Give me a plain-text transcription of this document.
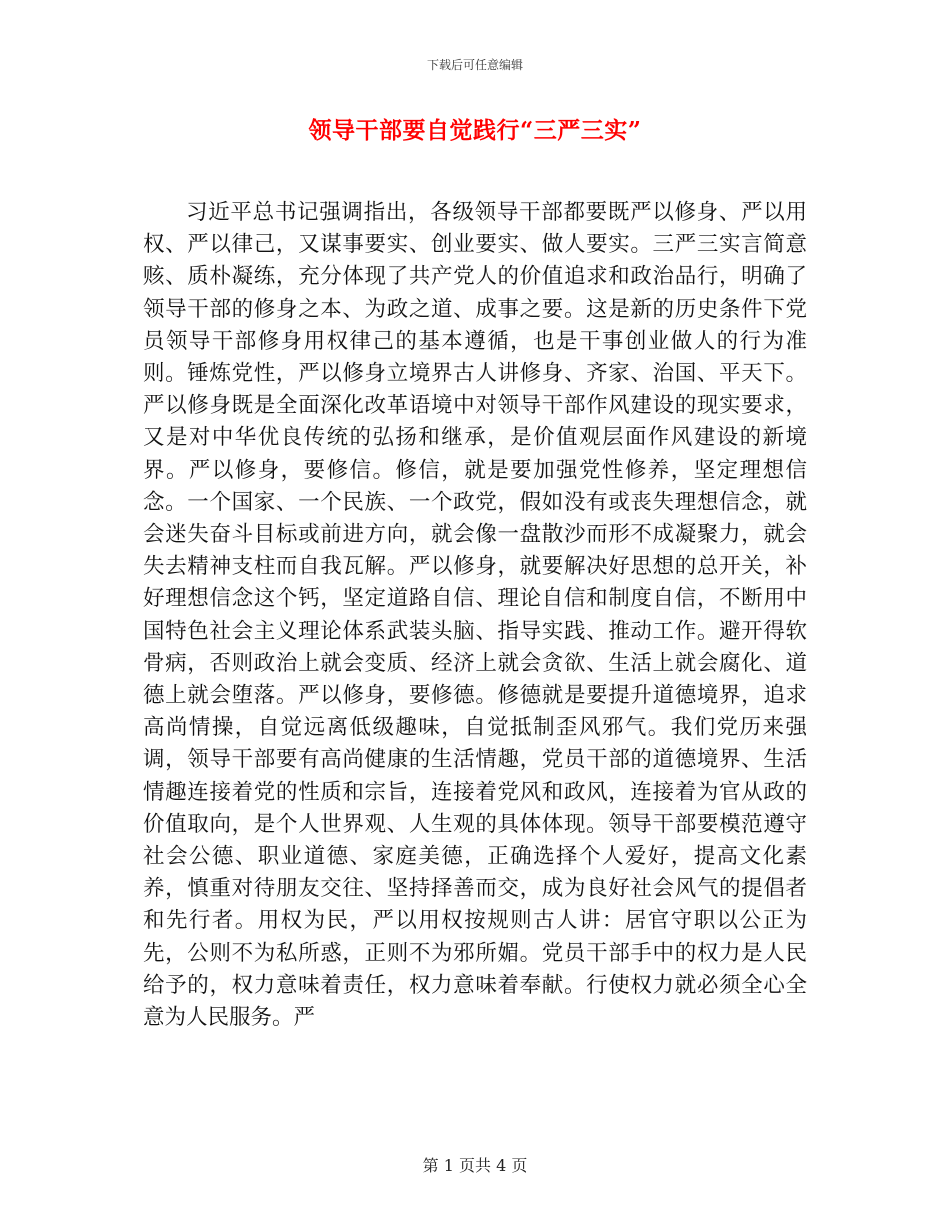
下载后可任意编辑
领导干部要自觉践行“三严三实”

习近平总书记强调指出，各级领导干部都要既严以修身、严以用权、严以律己，又谋事要实、创业要实、做人要实。三严三实言简意赅、质朴凝练，充分体现了共产党人的价值追求和政治品行，明确了领导干部的修身之本、为政之道、成事之要。这是新的历史条件下党员领导干部修身用权律己的基本遵循，也是干事创业做人的行为准则。锤炼党性，严以修身立境界古人讲修身、齐家、治国、平天下。严以修身既是全面深化改革语境中对领导干部作风建设的现实要求，又是对中华优良传统的弘扬和继承，是价值观层面作风建设的新境界。严以修身，要修信。修信，就是要加强党性修养，坚定理想信念。一个国家、一个民族、一个政党，假如没有或丧失理想信念，就会迷失奋斗目标或前进方向，就会像一盘散沙而形不成凝聚力，就会失去精神支柱而自我瓦解。严以修身，就要解决好思想的总开关，补好理想信念这个钙，坚定道路自信、理论自信和制度自信，不断用中国特色社会主义理论体系武装头脑、指导实践、推动工作。避开得软骨病，否则政治上就会变质、经济上就会贪欲、生活上就会腐化、道德上就会堕落。严以修身，要修德。修德就是要提升道德境界，追求高尚情操，自觉远离低级趣味，自觉抵制歪风邪气。我们党历来强调，领导干部要有高尚健康的生活情趣，党员干部的道德境界、生活情趣连接着党的性质和宗旨，连接着党风和政风，连接着为官从政的价值取向，是个人世界观、人生观的具体体现。领导干部要模范遵守社会公德、职业道德、家庭美德，正确选择个人爱好，提高文化素养，慎重对待朋友交往、坚持择善而交，成为良好社会风气的提倡者和先行者。用权为民，严以用权按规则古人讲：居官守职以公正为先，公则不为私所惑，正则不为邪所媚。党员干部手中的权力是人民给予的，权力意味着责任，权力意味着奉献。行使权力就必须全心全意为人民服务。严

第 1 页共 4 页
